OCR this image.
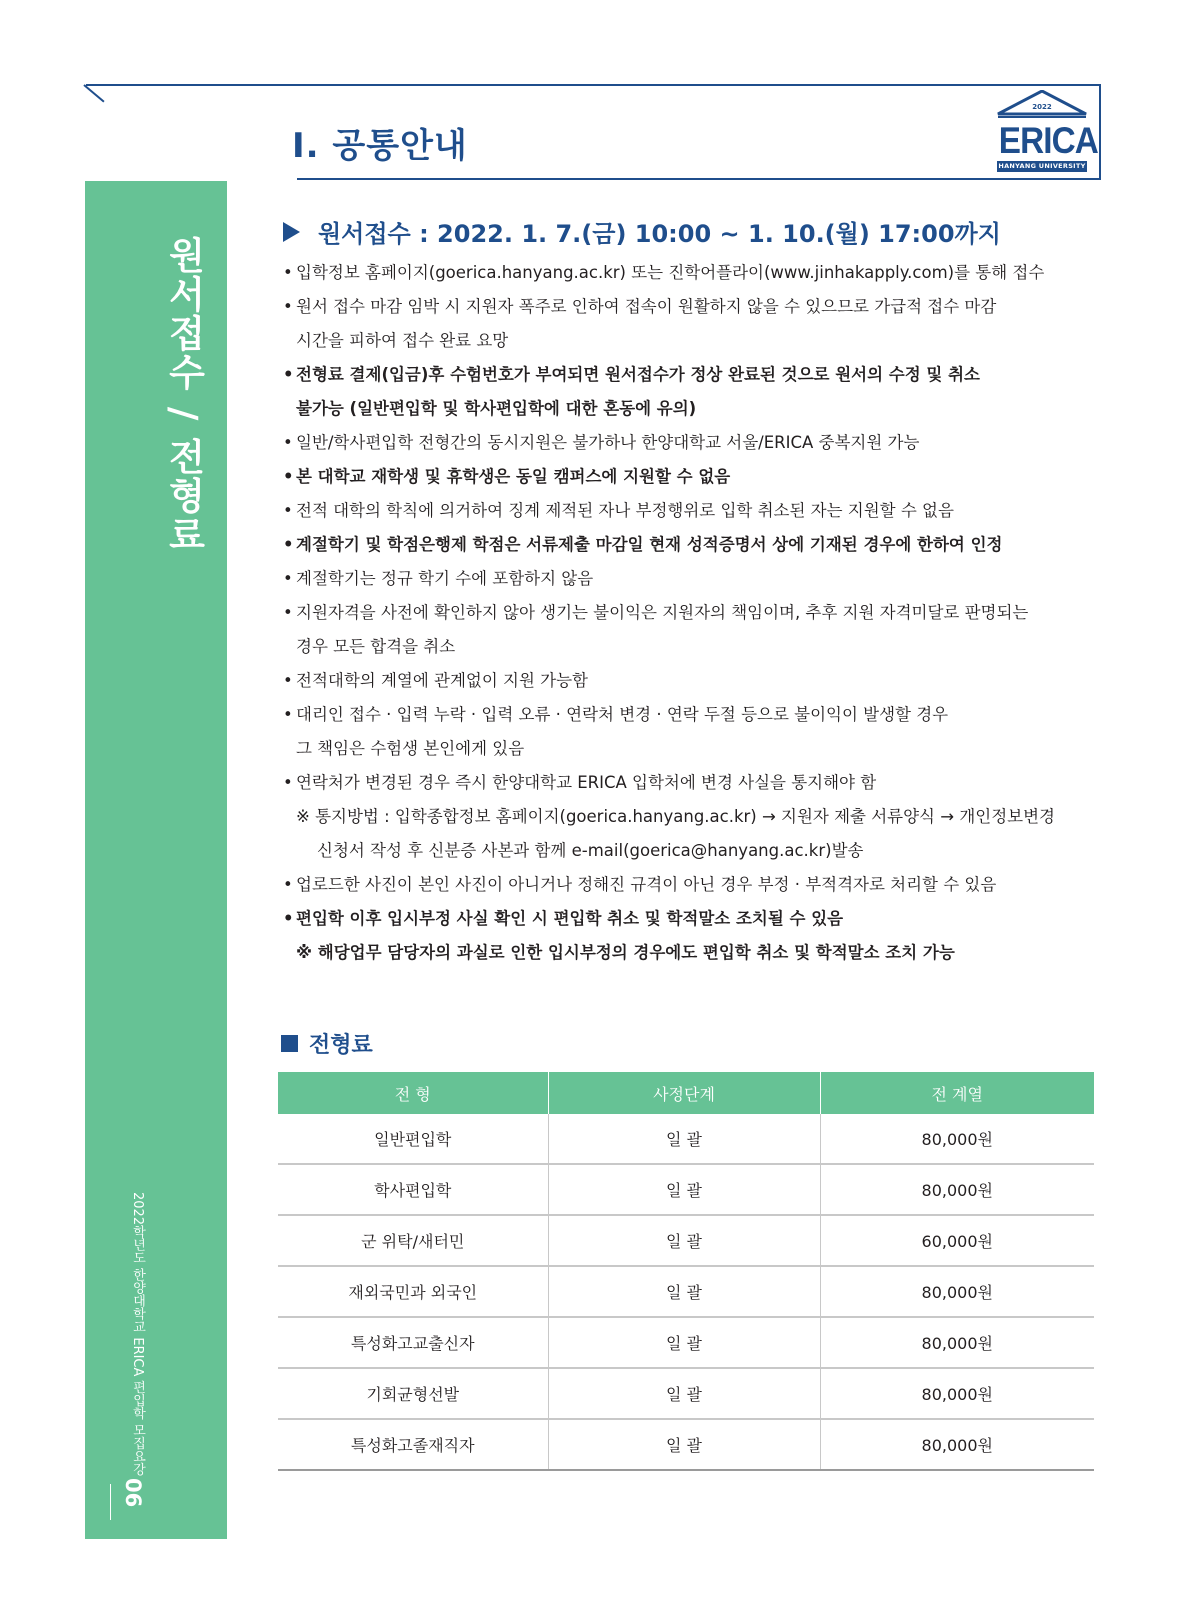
Ⅰ. 공통안내
2022
ERICA
HANYANG UNIVERSITY
원서접수 / 전형료
2022학년도 한양대학교 ERICA 편입학 모집요강
06
원서접수 : 2022. 1. 7.(금) 10:00 ~ 1. 10.(월) 17:00까지
• 입학정보 홈페이지(goerica.hanyang.ac.kr) 또는 진학어플라이(www.jinhakapply.com)를 통해 접수
• 원서 접수 마감 임박 시 지원자 폭주로 인하여 접속이 원활하지 않을 수 있으므로 가급적 접수 마감
시간을 피하여 접수 완료 요망
• 전형료 결제(입금)후 수험번호가 부여되면 원서접수가 정상 완료된 것으로 원서의 수정 및 취소
불가능 (일반편입학 및 학사편입학에 대한 혼동에 유의)
• 일반/학사편입학 전형간의 동시지원은 불가하나 한양대학교 서울/ERICA 중복지원 가능
• 본 대학교 재학생 및 휴학생은 동일 캠퍼스에 지원할 수 없음
• 전적 대학의 학칙에 의거하여 징계 제적된 자나 부정행위로 입학 취소된 자는 지원할 수 없음
• 계절학기 및 학점은행제 학점은 서류제출 마감일 현재 성적증명서 상에 기재된 경우에 한하여 인정
• 계절학기는 정규 학기 수에 포함하지 않음
• 지원자격을 사전에 확인하지 않아 생기는 불이익은 지원자의 책임이며, 추후 지원 자격미달로 판명되는
경우 모든 합격을 취소
• 전적대학의 계열에 관계없이 지원 가능함
• 대리인 접수 · 입력 누락 · 입력 오류 · 연락처 변경 · 연락 두절 등으로 불이익이 발생할 경우
그 책임은 수험생 본인에게 있음
• 연락처가 변경된 경우 즉시 한양대학교 ERICA 입학처에 변경 사실을 통지해야 함
※ 통지방법 : 입학종합정보 홈페이지(goerica.hanyang.ac.kr) → 지원자 제출 서류양식 → 개인정보변경
신청서 작성 후 신분증 사본과 함께 e-mail(goerica@hanyang.ac.kr)발송
• 업로드한 사진이 본인 사진이 아니거나 정해진 규격이 아닌 경우 부정 · 부적격자로 처리할 수 있음
• 편입학 이후 입시부정 사실 확인 시 편입학 취소 및 학적말소 조치될 수 있음
※ 해당업무 담당자의 과실로 인한 입시부정의 경우에도 편입학 취소 및 학적말소 조치 가능
전형료
전 형	사정단계	전 계열
일반편입학	일 괄	80,000원
학사편입학	일 괄	80,000원
군 위탁/새터민	일 괄	60,000원
재외국민과 외국인	일 괄	80,000원
특성화고교출신자	일 괄	80,000원
기회균형선발	일 괄	80,000원
특성화고졸재직자	일 괄	80,000원
